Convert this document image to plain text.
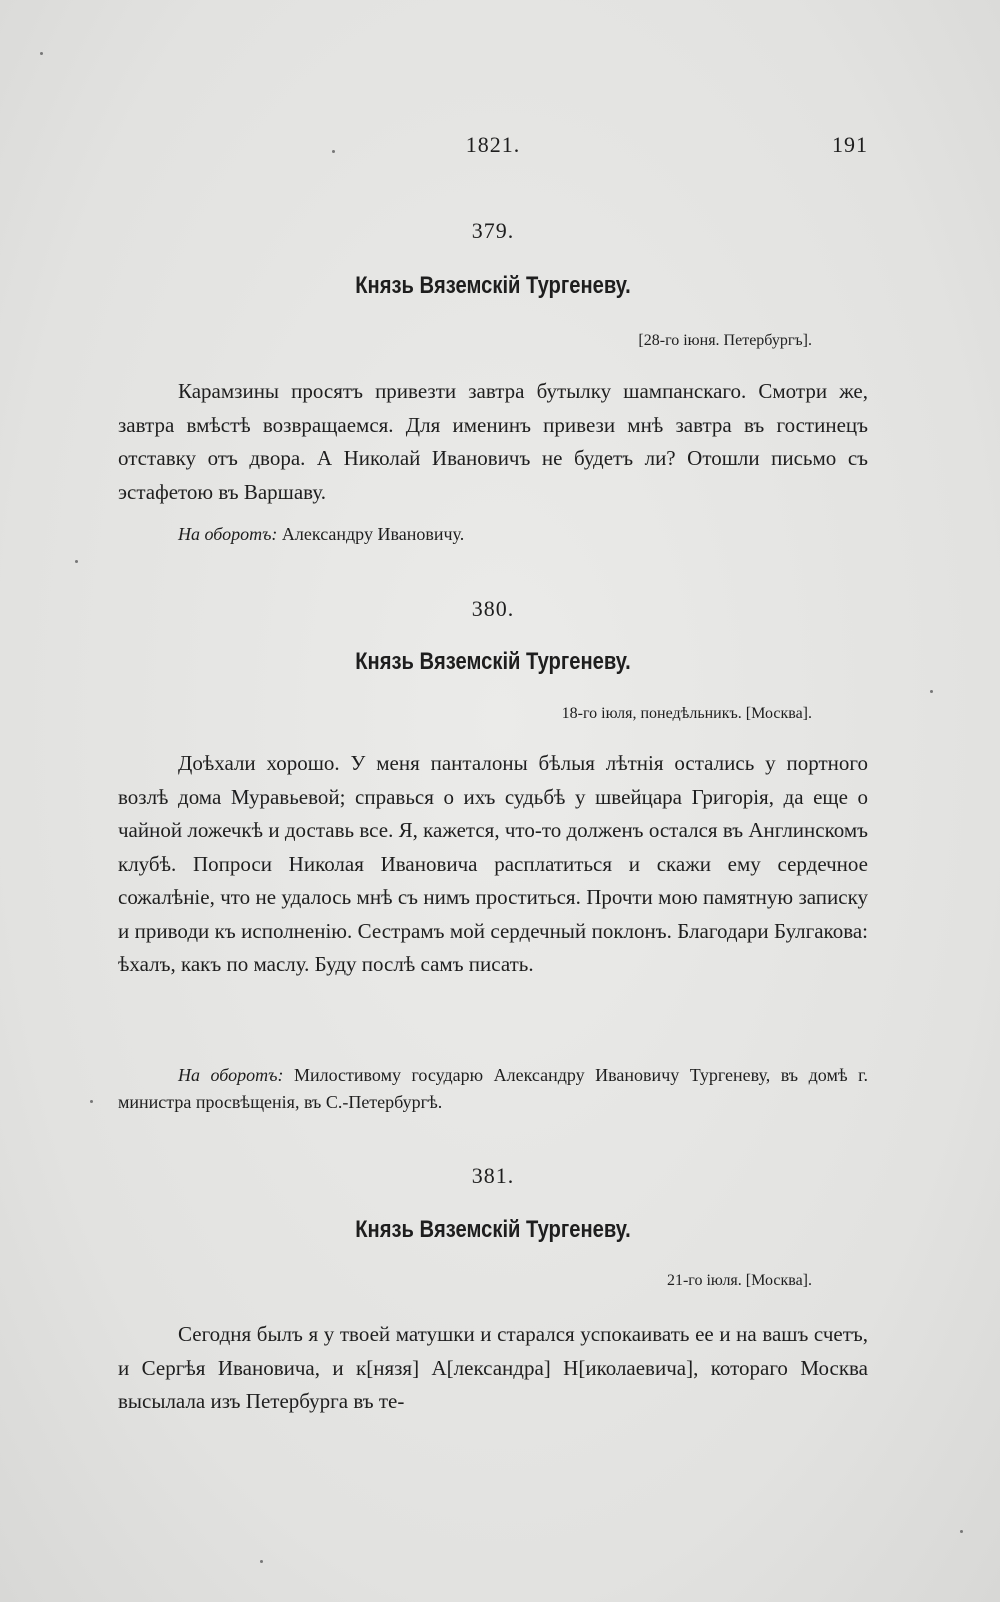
1821.	191
379.
Князь Вяземскій Тургеневу.
[28-го іюня. Петербургъ].

Карамзины просятъ привезти завтра бутылку шампанскаго. Смотри же, завтра вмѣстѣ возвращаемся. Для именинъ привези мнѣ завтра въ гостинецъ отставку отъ двора. А Николай Ивановичъ не будетъ ли? Отошли письмо съ эстафетою въ Варшаву.

На оборотъ: Александру Ивановичу.

380.
Князь Вяземскій Тургеневу.
18-го іюля, понедѣльникъ. [Москва].

Доѣхали хорошо. У меня панталоны бѣлыя лѣтнія остались у портного возлѣ дома Муравьевой; справься о ихъ судьбѣ у швейцара Григорія, да еще о чайной ложечкѣ и доставь все. Я, кажется, что-то долженъ остался въ Англинскомъ клубѣ. Попроси Николая Ивановича расплатиться и скажи ему сердечное сожалѣніе, что не удалось мнѣ съ нимъ проститься. Прочти мою памятную записку и приводи къ исполненію. Сестрамъ мой сердечный поклонъ. Благодари Булгакова: ѣхалъ, какъ по маслу. Буду послѣ самъ писать.

На оборотъ: Милостивому государю Александру Ивановичу Тургеневу, въ домѣ г. министра просвѣщенія, въ С.-Петербургѣ.

381.
Князь Вяземскій Тургеневу.
21-го іюля. [Москва].

Сегодня былъ я у твоей матушки и старался успокаивать ее и на вашъ счетъ, и Сергѣя Ивановича, и к[нязя] А[лександра] Н[иколаевича], котораго Москва высылала изъ Петербурга въ те-
